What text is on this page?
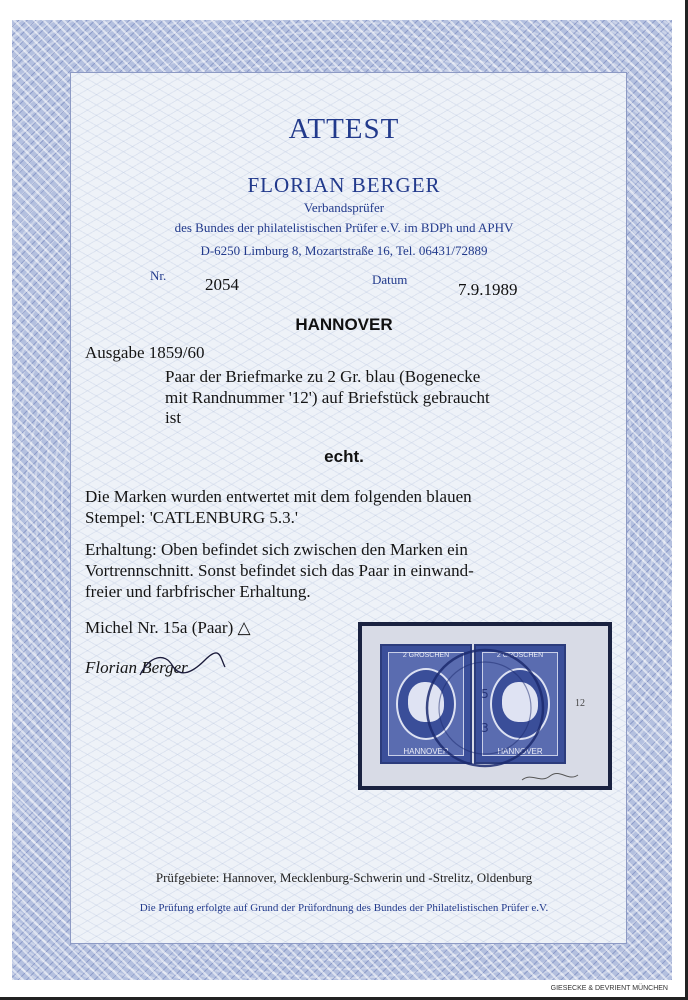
ATTEST
FLORIAN BERGER
Verbandsprüfer
des Bundes der philatelistischen Prüfer e.V. im BDPh und APHV
D-6250 Limburg 8, Mozartstraße 16, Tel. 06431/72889
Nr. 2054	Datum
7.9.1989
HANNOVER
Ausgabe 1859/60
Paar der Briefmarke zu 2 Gr. blau (Bogenecke
mit Randnummer '12') auf Briefstück gebraucht
ist
echt.
Die Marken wurden entwertet mit dem folgenden blauen
Stempel: 'CATLENBURG 5.3.'
Erhaltung: Oben befindet sich zwischen den Marken ein
Vortrennschnitt. Sonst befindet sich das Paar in einwand-
freier und farbfrischer Erhaltung.
Michel Nr. 15a (Paar) △
Florian Berger
2 GROSCHEN
HANNOVER
2 GROSCHEN
HANNOVER
12
5
3
Prüfgebiete: Hannover, Mecklenburg-Schwerin und -Strelitz, Oldenburg
Die Prüfung erfolgte auf Grund der Prüfordnung des Bundes der Philatelistischen Prüfer e.V.
GIESECKE & DEVRIENT MÜNCHEN
